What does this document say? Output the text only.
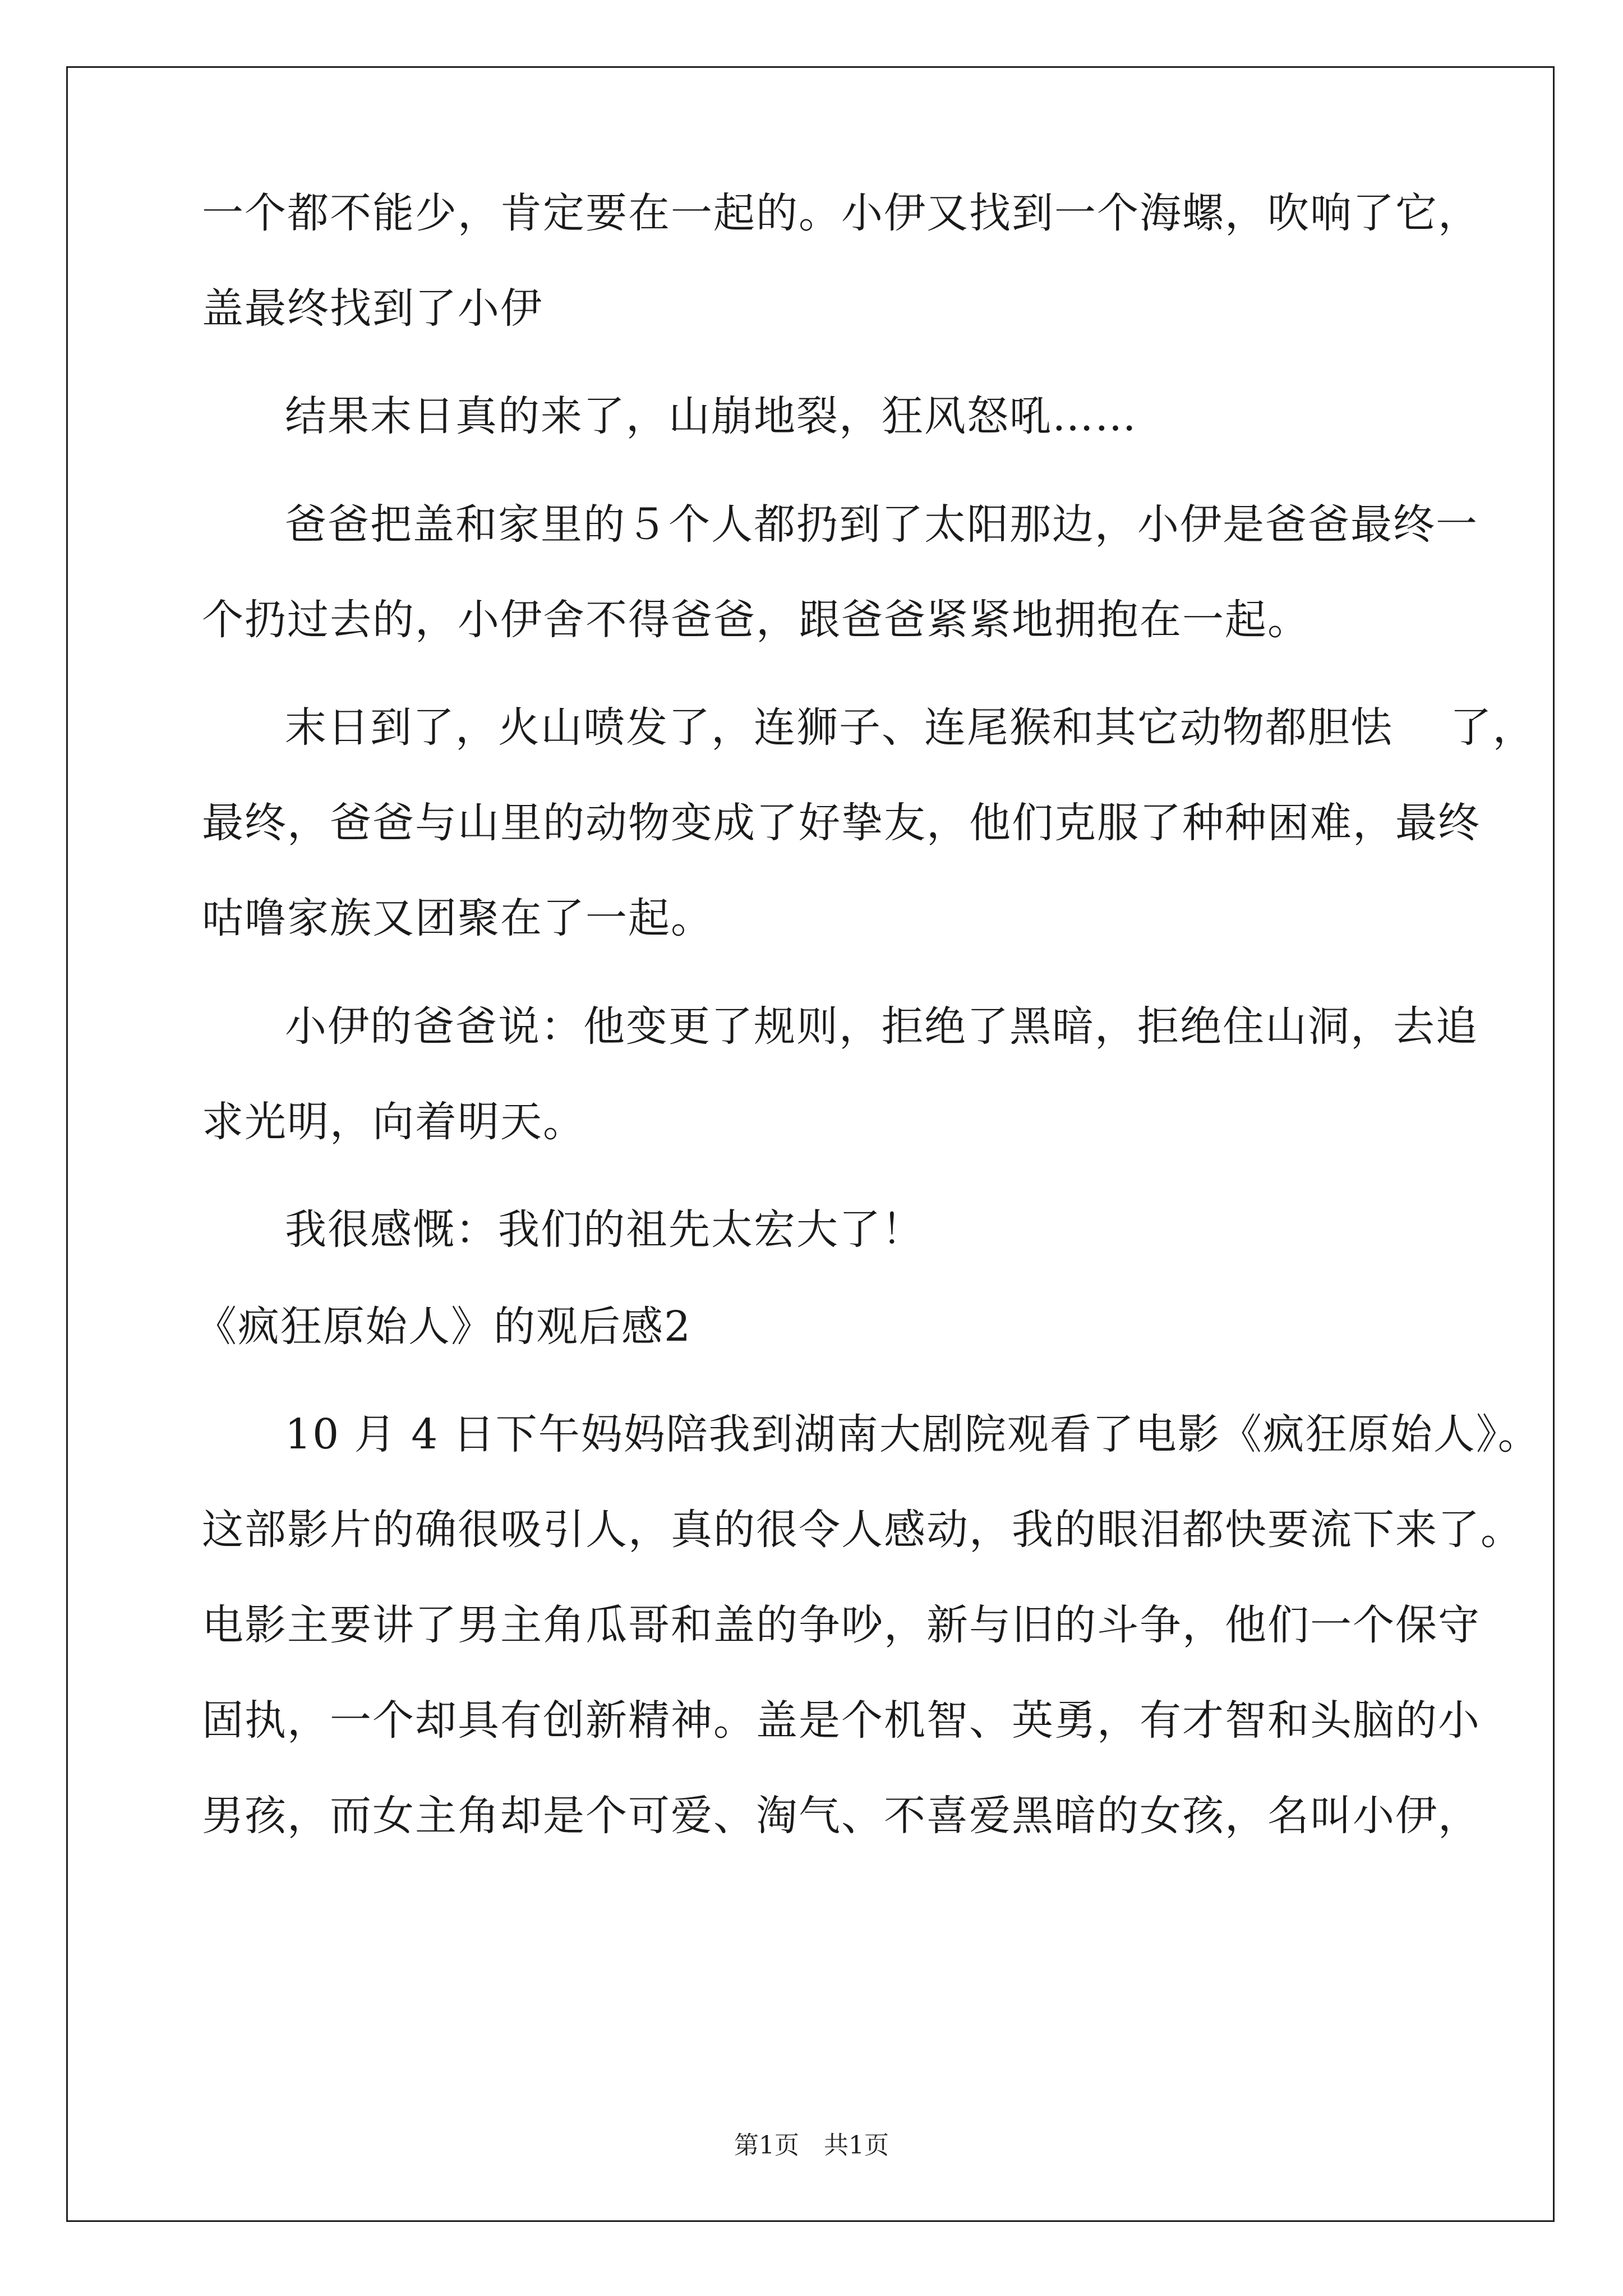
一个都不能少，肯定要在一起的。小伊又找到一个海螺，吹响了它，
盖最终找到了小伊
结果末日真的来了，山崩地裂，狂风怒吼……
爸爸把盖和家里的５个人都扔到了太阳那边，小伊是爸爸最终一
个扔过去的，小伊舍不得爸爸，跟爸爸紧紧地拥抱在一起。
末日到了，火山喷发了，连狮子、连尾猴和其它动物都胆怯　 了，
最终，爸爸与山里的动物变成了好挚友，他们克服了种种困难，最终
咕噜家族又团聚在了一起。
小伊的爸爸说：他变更了规则，拒绝了黑暗，拒绝住山洞，去追
求光明，向着明天。
我很感慨：我们的祖先太宏大了！
《疯狂原始人》的观后感2
10 月 4 日下午妈妈陪我到湖南大剧院观看了电影《疯狂原始人》。
这部影片的确很吸引人，真的很令人感动，我的眼泪都快要流下来了。
电影主要讲了男主角瓜哥和盖的争吵，新与旧的斗争，他们一个保守
固执，一个却具有创新精神。盖是个机智、英勇，有才智和头脑的小
男孩，而女主角却是个可爱、淘气、不喜爱黑暗的女孩，名叫小伊，
第1页　共1页
